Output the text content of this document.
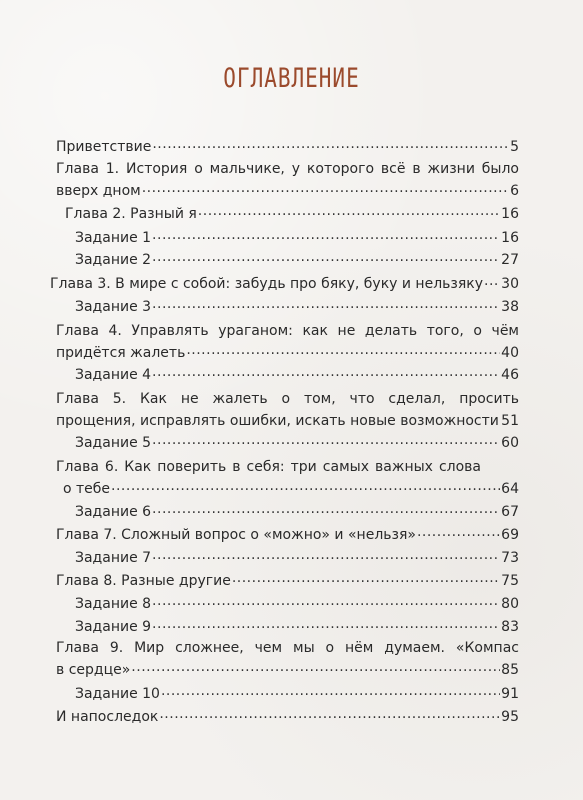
ОГЛАВЛЕНИЕ
Приветствие .....	5
Глава 1. История о мальчике, у которого всё в жизни было
вверх дном .....	6
Глава 2. Разный я .....	16
Задание 1 .....	16
Задание 2 .....	27
Глава 3. В мире с собой: забудь про бяку, буку и нельзяку ..... 30
Задание 3 .....	38
Глава 4. Управлять ураганом: как не делать того, о чём
придётся жалеть .....	40
Задание 4 .....	46
Глава 5. Как не жалеть о том, что сделал, просить
прощения, исправлять ошибки, искать новые возможности ..... 51
Задание 5 .....	60
Глава 6. Как поверить в себя: три самых важных слова
о тебе .....	64
Задание 6 .....	67
Глава 7. Сложный вопрос о «можно» и «нельзя» .....	69
Задание 7 .....	73
Глава 8. Разные другие .....	75
Задание 8 .....	80
Задание 9 .....	83
Глава 9. Мир сложнее, чем мы о нём думаем. «Компас
в сердце» .....	85
Задание 10 .....	91
И напоследок .....	95
